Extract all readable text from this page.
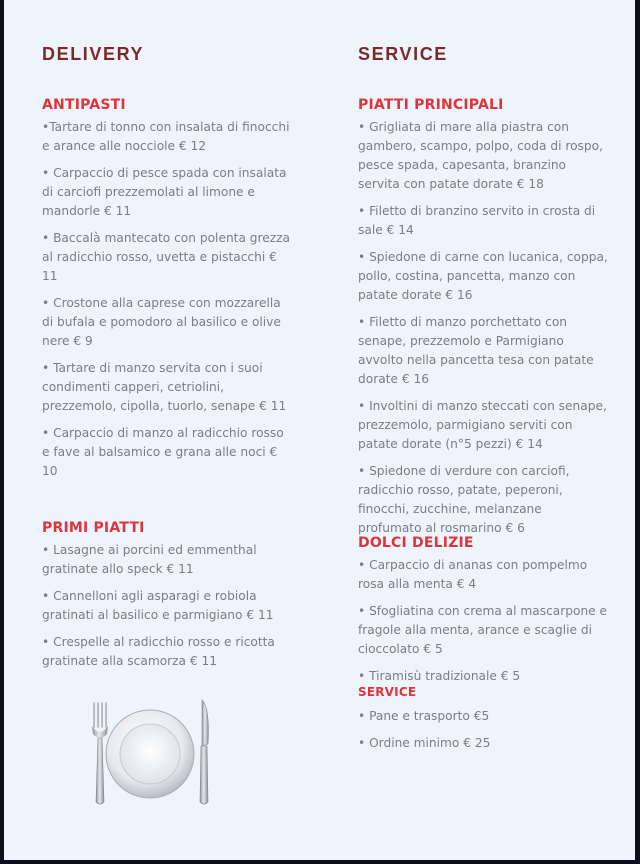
DELIVERY
ANTIPASTI
•Tartare di tonno con insalata di finocchi e arance alle nocciole € 12
• Carpaccio di pesce spada con insalata di carciofi prezzemolati al limone e mandorle € 11
• Baccalà mantecato con polenta grezza al radicchio rosso, uvetta e pistacchi € 11
• Crostone alla caprese con mozzarella di bufala e pomodoro al basilico e olive nere € 9
• Tartare di manzo servita con i suoi condimenti capperi, cetriolini, prezzemolo, cipolla, tuorlo, senape € 11
• Carpaccio di manzo al radicchio rosso e fave al balsamico e grana alle noci € 10
PRIMI PIATTI
• Lasagne ai porcini ed emmenthal gratinate allo speck € 11
• Cannelloni agli asparagi e robiola gratinati al basilico e parmigiano € 11
• Crespelle al radicchio rosso e ricotta gratinate alla scamorza € 11
SERVICE
PIATTI PRINCIPALI
• Grigliata di mare alla piastra con gambero, scampo, polpo, coda di rospo, pesce spada, capesanta, branzino servita con patate dorate € 18
• Filetto di branzino servito in crosta di sale € 14
• Spiedone di carne con lucanica, coppa, pollo, costina, pancetta, manzo con patate dorate € 16
• Filetto di manzo porchettato con senape, prezzemolo e Parmigiano avvolto nella pancetta tesa con patate dorate € 16
• Involtini di manzo steccati con senape, prezzemolo, parmigiano serviti con patate dorate (n°5 pezzi) € 14
• Spiedone di verdure con carciofi, radicchio rosso, patate, peperoni, finocchi, zucchine, melanzane profumato al rosmarino € 6
DOLCI DELIZIE
• Carpaccio di ananas con pompelmo rosa alla menta € 4
• Sfogliatina con crema al mascarpone e fragole alla menta, arance e scaglie di cioccolato € 5
• Tiramisù tradizionale € 5
SERVICE
• Pane e trasporto €5
• Ordine minimo € 25
